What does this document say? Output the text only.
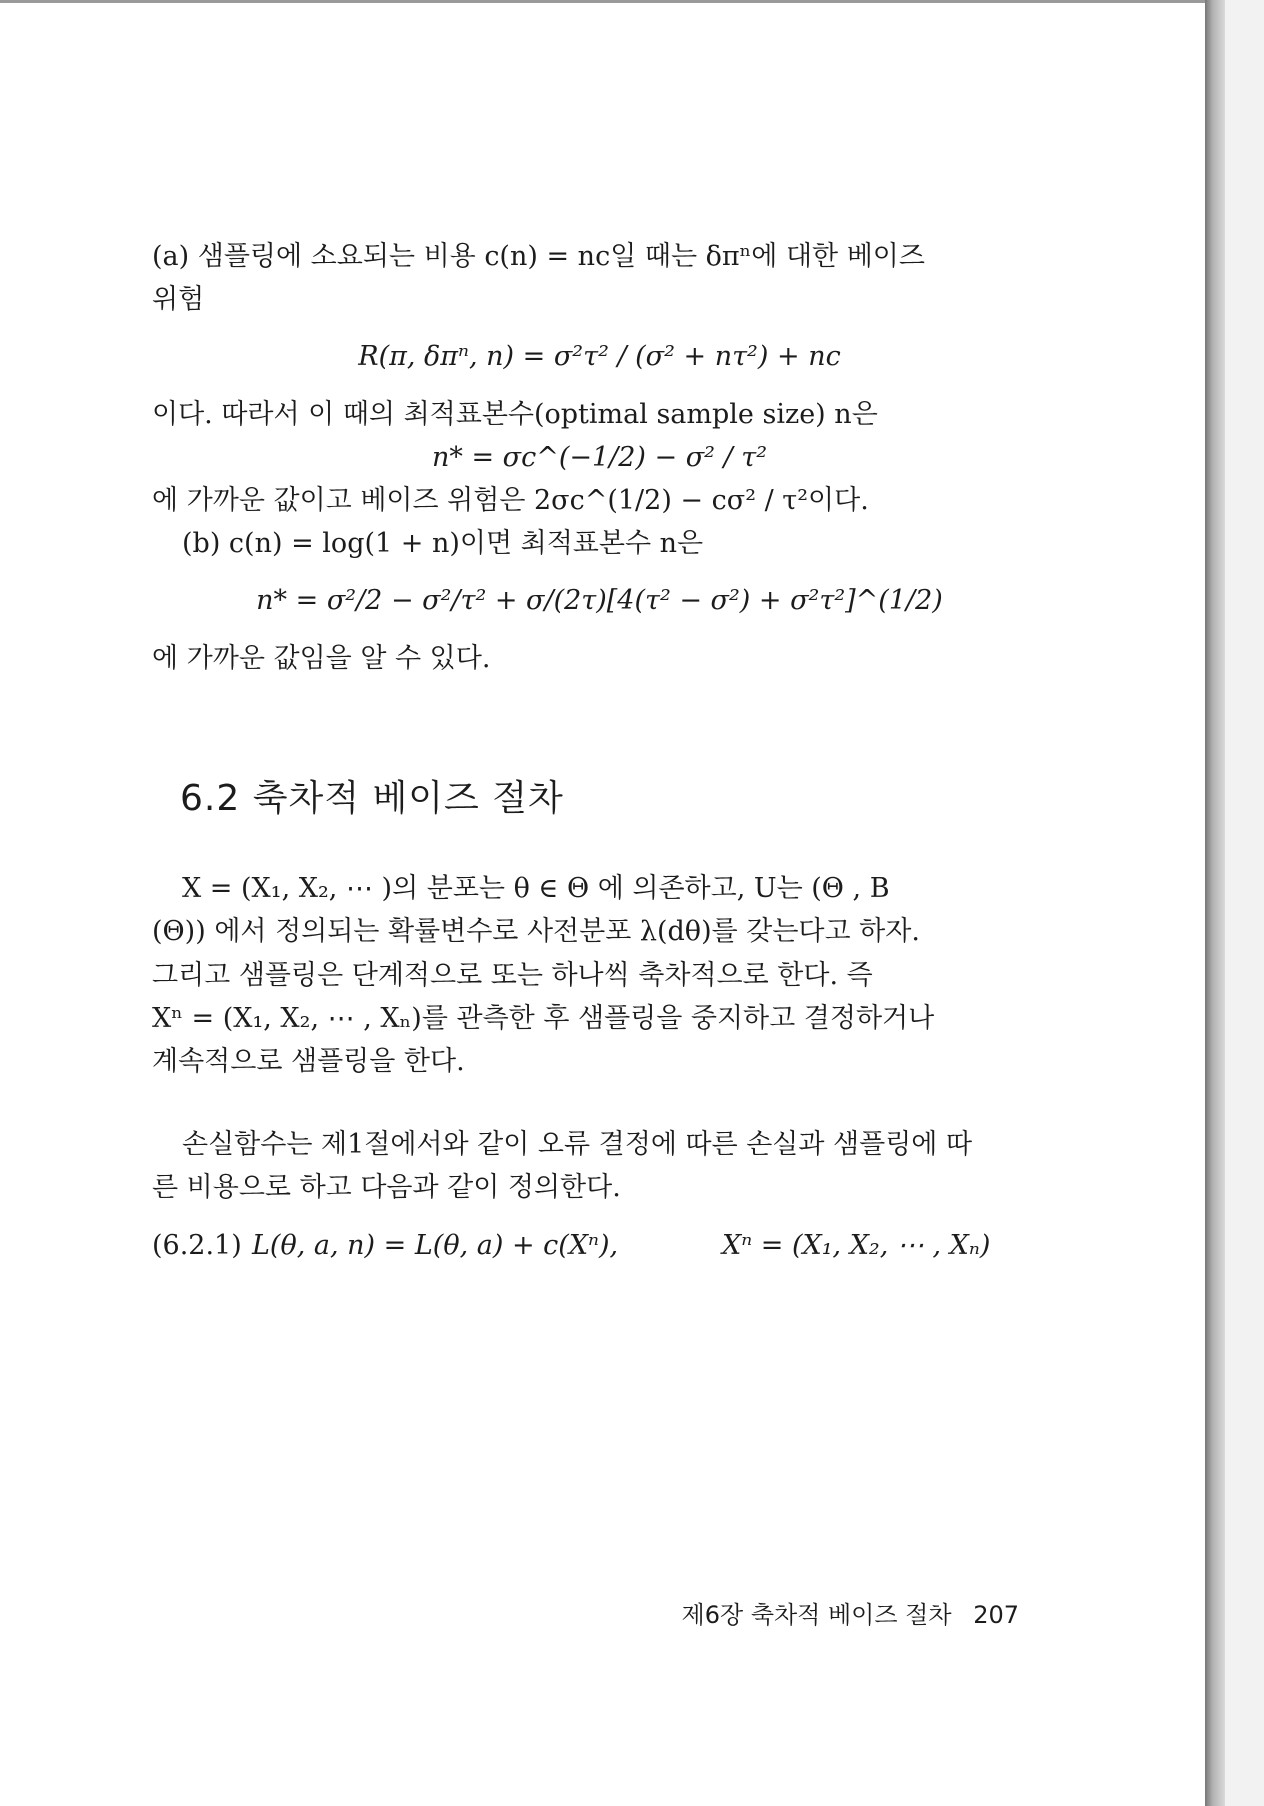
(a) 샘플링에 소요되는 비용 c(n) = nc일 때는 δπⁿ에 대한 베이즈
위험
R(π, δπⁿ, n) = σ²τ² / (σ² + nτ²) + nc
이다. 따라서 이 때의 최적표본수(optimal sample size) n은
n* = σc^(−1/2) − σ² / τ²
에 가까운 값이고 베이즈 위험은 2σc^(1/2) − cσ² / τ²이다.
(b) c(n) = log(1 + n)이면 최적표본수 n은
n* = σ²/2 − σ²/τ² + σ/(2τ)[4(τ² − σ²) + σ²τ²]^(1/2)
에 가까운 값임을 알 수 있다.
6.2 축차적 베이즈 절차
X = (X₁, X₂, ⋯ )의 분포는 θ ∈ Θ 에 의존하고, U는 (Θ , B
(Θ)) 에서 정의되는 확률변수로 사전분포 λ(dθ)를 갖는다고 하자.
그리고 샘플링은 단계적으로 또는 하나씩 축차적으로 한다. 즉
Xⁿ = (X₁, X₂, ⋯ , Xₙ)를 관측한 후 샘플링을 중지하고 결정하거나
계속적으로 샘플링을 한다.
손실함수는 제1절에서와 같이 오류 결정에 따른 손실과 샘플링에 따
른 비용으로 하고 다음과 같이 정의한다.
(6.2.1) L(θ, a, n) = L(θ, a) + c(Xⁿ),	Xⁿ = (X₁, X₂, ⋯ , Xₙ)
제6장 축차적 베이즈 절차 207
